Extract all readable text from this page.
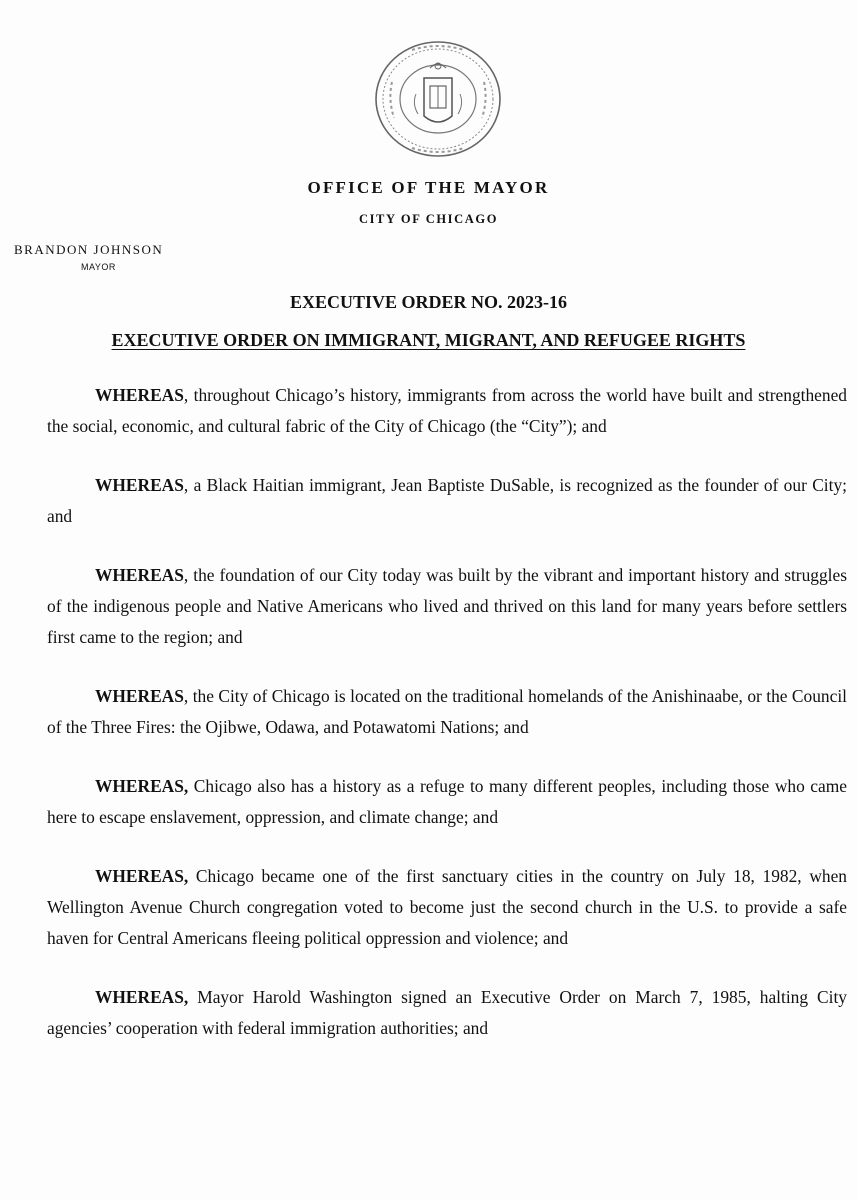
OFFICE OF THE MAYOR
CITY OF CHICAGO
BRANDON JOHNSON
MAYOR
EXECUTIVE ORDER NO. 2023-16
EXECUTIVE ORDER ON IMMIGRANT, MIGRANT, AND REFUGEE RIGHTS

WHEREAS, throughout Chicago’s history, immigrants from across the world have built and strengthened the social, economic, and cultural fabric of the City of Chicago (the “City”); and

WHEREAS, a Black Haitian immigrant, Jean Baptiste DuSable, is recognized as the founder of our City; and

WHEREAS, the foundation of our City today was built by the vibrant and important history and struggles of the indigenous people and Native Americans who lived and thrived on this land for many years before settlers first came to the region; and

WHEREAS, the City of Chicago is located on the traditional homelands of the Anishinaabe, or the Council of the Three Fires: the Ojibwe, Odawa, and Potawatomi Nations; and

WHEREAS, Chicago also has a history as a refuge to many different peoples, including those who came here to escape enslavement, oppression, and climate change; and

WHEREAS, Chicago became one of the first sanctuary cities in the country on July 18, 1982, when Wellington Avenue Church congregation voted to become just the second church in the U.S. to provide a safe haven for Central Americans fleeing political oppression and violence; and

WHEREAS, Mayor Harold Washington signed an Executive Order on March 7, 1985, halting City agencies’ cooperation with federal immigration authorities; and
